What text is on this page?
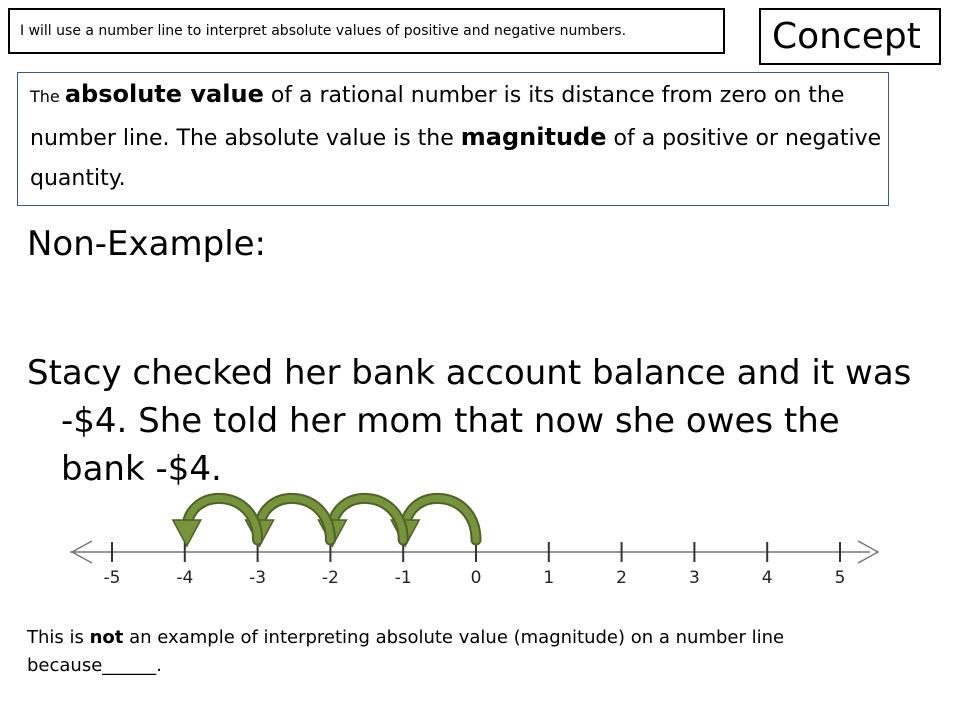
I will use a number line to interpret absolute values of positive and negative numbers.	Concept
The absolute value of a rational number is its distance from zero on the number line. The absolute value is the magnitude of a positive or negative quantity.
Non-Example:
Stacy checked her bank account balance and it was
-$4. She told her mom that now she owes the
bank -$4.
-5	-4	-3	-2	-1	0	1	2	3	4	5
This is not an example of interpreting absolute value (magnitude) on a number line
because______.
